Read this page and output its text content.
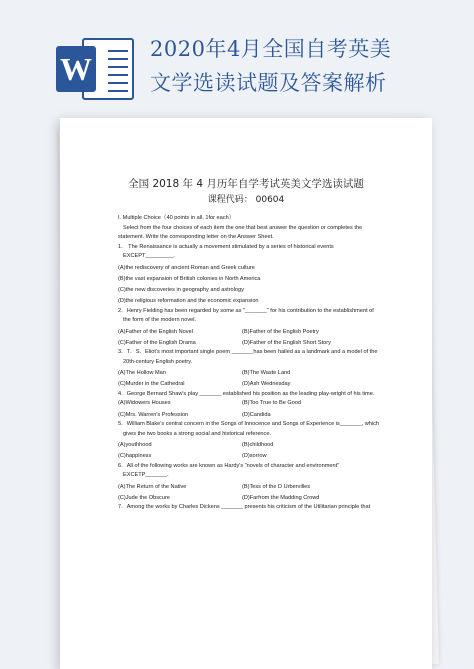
W
2020年4月全国自考英美
文学选读试题及答案解析
全国 2018 年 4 月历年自学考试英美文学选读试题
课程代码： 00604
I. Multiple Choice（40 points in all, 1for each）
Select from the four choices of each item the one that best answer the question or completes the
statement. Write the corresponding letter on the Answer Sheet.
1． The Renaissance is actually a movement stimulated by a series of historical events
EXCEPT_________.
(A)the rediscovery of ancient Roman and Greek culture
(B)the vast expansion of British colonies in North America
(C)the new discoveries in geography and astrology
(D)the religious reformation and the economic expansion
2．Henry Fielding has been regarded by some as "_______" for his contribution to the establishment of
the form of the modern novel.
(A)Father of the English Novel	(B)Father of the English Poetry
(C)Father of the English Drama	(D)Father of the English Short Story
3．T．S．Eliot's most important single poem _______has been hailed as a landmark and a model of the
20th-century English poetry.
(A)The Hollow Man	(B)The Waste Land
(C)Murder in the Cathedral	(D)Ash Wednesday
4．George Bernard Shaw's play _______ established his position as the leading play-wright of his time.
(A)Widowers Houses	(B)Too True to Be Good
(C)Mrs. Warren's Profession	(D)Candida
5．William Blake's central concern in the Songs of Innocence and Songs of Experience is_______, which
gives the two books a strong social and historical reference.
(A)youthhood	(B)childhood
(C)happiness	(D)sorrow
6．All of the following works are known as Hardy's "novels of character and environment"
EXCETP_______.
(A)The Return of the Native	(B)Tess of the D Urbervilles
(C)Jude the Obscure	(D)Farfrom the Madding Crowd
7．Among the works by Charles Dickens _______ presents his criticism of the Utilitarian principle that
